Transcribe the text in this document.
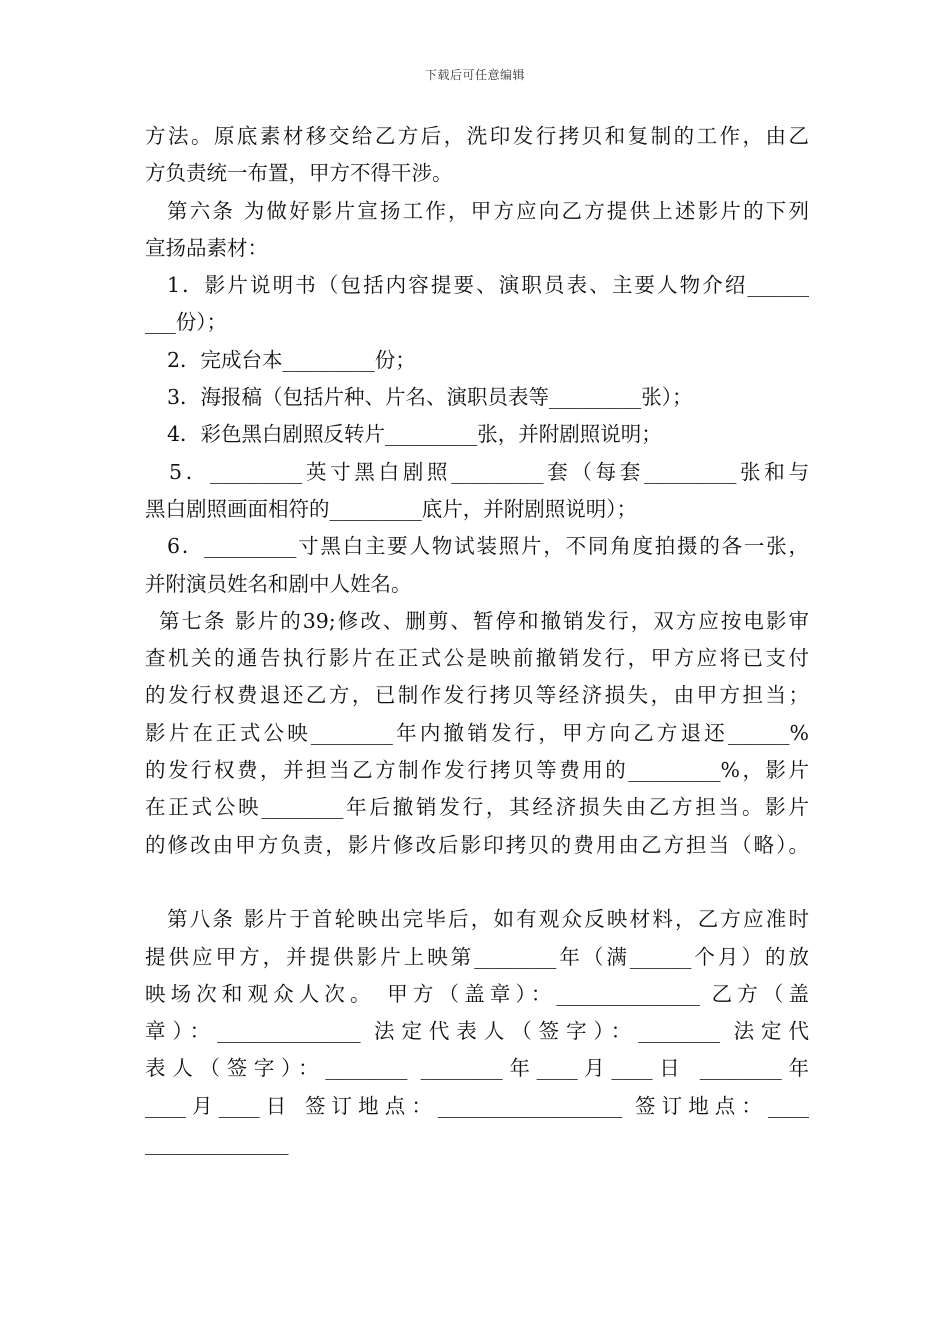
下载后可任意编辑
方法。原底素材移交给乙方后，洗印发行拷贝和复制的工作，由乙
方负责统一布置，甲方不得干涉。
第六条 为做好影片宣扬工作，甲方应向乙方提供上述影片的下列
宣扬品素材：
1．影片说明书（包括内容提要、演职员表、主要人物介绍______
___份）；
2．完成台本_________份；
3．海报稿（包括片种、片名、演职员表等_________张）；
4．彩色黑白剧照反转片_________张，并附剧照说明；
5．_________英寸黑白剧照_________套（每套_________张和与
黑白剧照画面相符的_________底片，并附剧照说明）；
6．_________寸黑白主要人物试装照片，不同角度拍摄的各一张，
并附演员姓名和剧中人姓名。
第七条 影片的39;修改、删剪、暂停和撤销发行，双方应按电影审
查机关的通告执行影片在正式公是映前撤销发行，甲方应将已支付
的发行权费退还乙方，已制作发行拷贝等经济损失，由甲方担当；
影片在正式公映________年内撤销发行，甲方向乙方退还______%
的发行权费，并担当乙方制作发行拷贝等费用的_________%，影片
在正式公映________年后撤销发行，其经济损失由乙方担当。影片
的修改由甲方负责，影片修改后影印拷贝的费用由乙方担当（略）。
第八条 影片于首轮映出完毕后，如有观众反映材料，乙方应准时
提供应甲方，并提供影片上映第________年（满______个月）的放
映场次和观众人次。 甲方（盖章）：______________ 乙方（盖
章）：______________ 法定代表人（签字）：________ 法定代
表人（签字）：________ ________年____月____日 ________年
____月____日 签订地点：__________________ 签订地点：____
______________
